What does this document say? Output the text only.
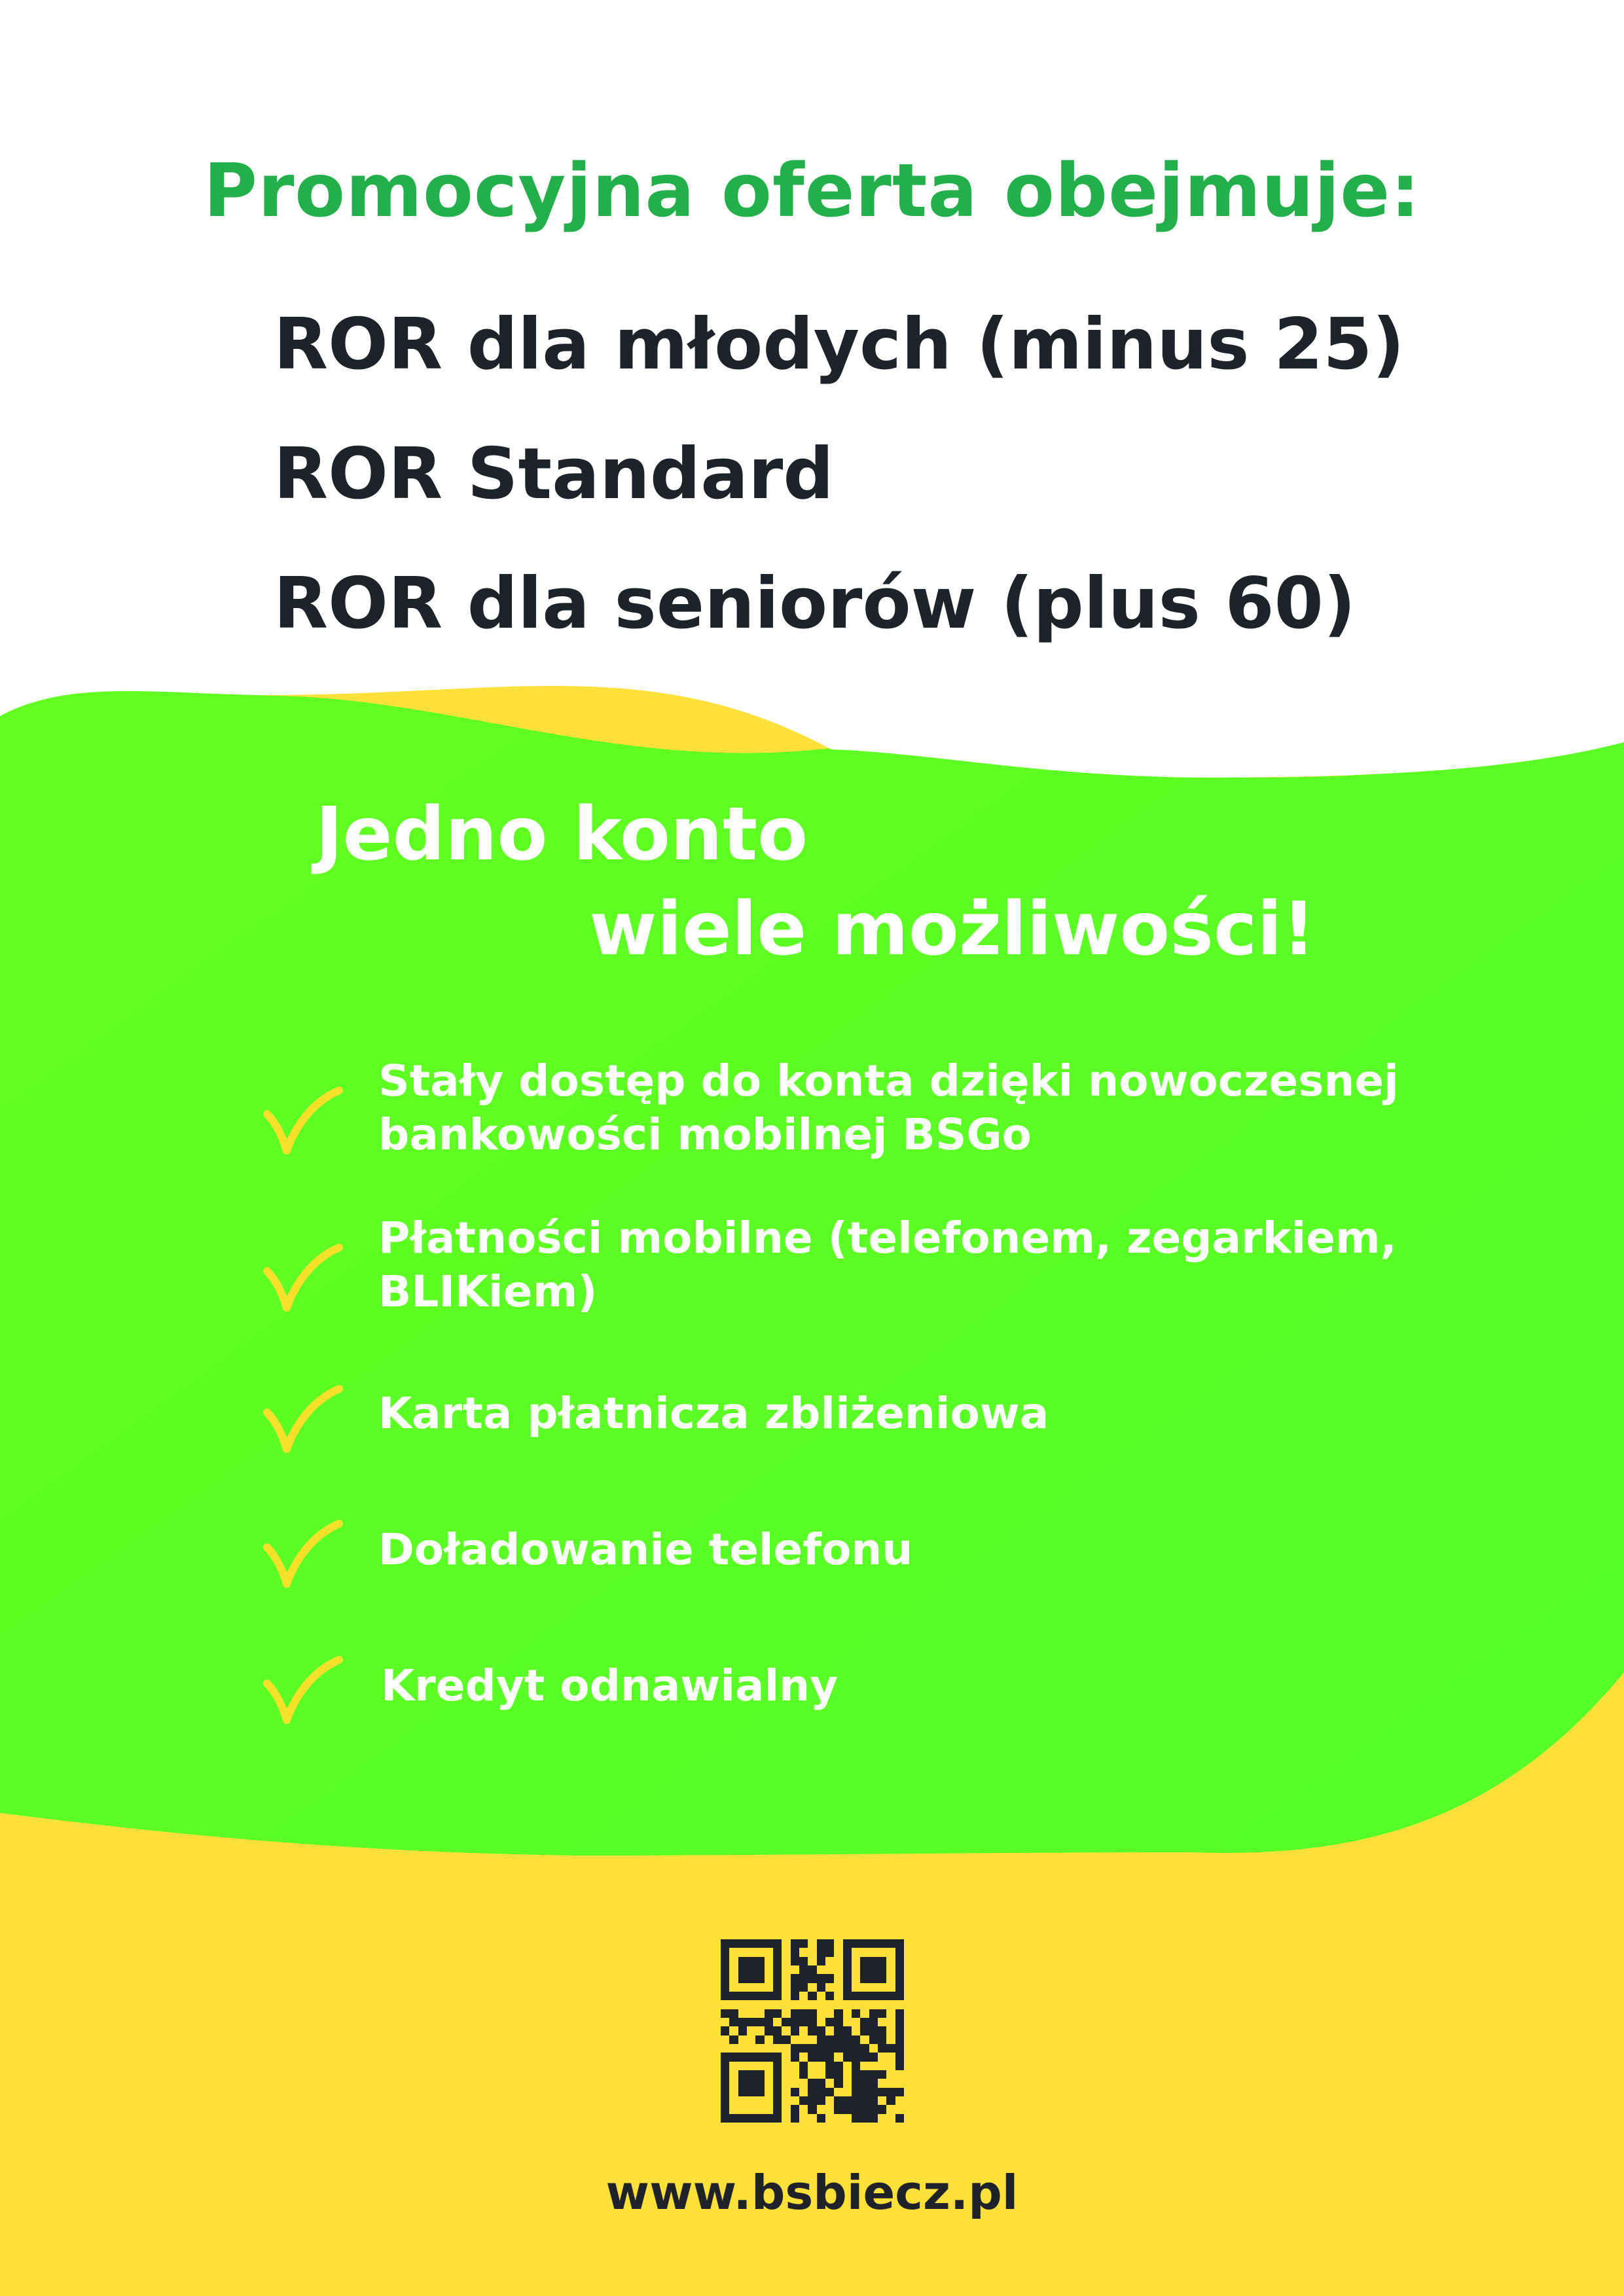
Promocyjna oferta obejmuje:
ROR dla młodych (minus 25)
ROR Standard
ROR dla seniorów (plus 60)
Jedno konto
wiele możliwości!
Stały dostęp do konta dzięki nowoczesnej
bankowości mobilnej BSGo
Płatności mobilne (telefonem, zegarkiem,
BLIKiem)
Karta płatnicza zbliżeniowa
Doładowanie telefonu
Kredyt odnawialny
www.bsbiecz.pl
